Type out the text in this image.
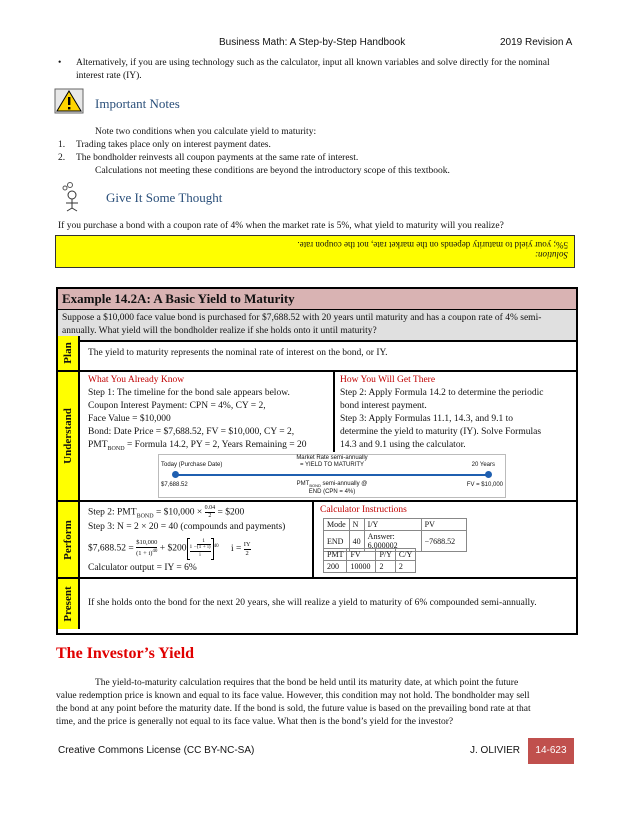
Business Math: A Step-by-Step Handbook	2019 Revision A
•	Alternatively, if you are using technology such as the calculator, input all known variables and solve directly for the nominal interest rate (IY).
Important Notes
Note two conditions when you calculate yield to maturity:
1. Trading takes place only on interest payment dates.
2. The bondholder reinvests all coupon payments at the same rate of interest.
Calculations not meeting these conditions are beyond the introductory scope of this textbook.
Give It Some Thought
If you purchase a bond with a coupon rate of 4% when the market rate is 5%, what yield to maturity will you realize?
Solution:
5%; your yield to maturity depends on the market rate, not the coupon rate.
Example 14.2A: A Basic Yield to Maturity
Suppose a $10,000 face value bond is purchased for $7,688.52 with 20 years until maturity and has a coupon rate of 4% semi-annually. What yield will the bondholder realize if she holds onto it until maturity?
Plan The yield to maturity represents the nominal rate of interest on the bond, or IY.
Understand
What You Already Know
Step 1: The timeline for the bond sale appears below.
Coupon Interest Payment: CPN = 4%, CY = 2,
Face Value = $10,000
Bond: Date Price = $7,688.52, FV = $10,000, CY = 2,
$PMT_{BOND}$ = Formula 14.2, PY = 2, Years Remaining = 20
How You Will Get There
Step 2: Apply Formula 14.2 to determine the periodic
bond interest payment.
Step 3: Apply Formulas 11.1, 14.3, and 9.1 to
determine the yield to maturity (IY). Solve Formulas
14.3 and 9.1 using the calculator.
Market Rate semi-annually
= YIELD TO MATURITY
Today (Purchase Date)	20 Years
$7,688.52	FV = $10,000
$PMT_{BOND}$ semi-annually @
END (CPN = 4%)
Perform
Step 2: $PMT_{BOND}$ = $10,000 × $\frac{0.04}{2}$ = $200
Step 3: N = 2 × 20 = 40 (compounds and payments)
$7,688.52 = $\frac{\$10,000}{(1 + i)^{40}}$ + $200 $\frac{1 - \frac{1}{(1 + i)}}{i} ^{40}$ $i = \frac{IY}{2}$
Calculator output = IY = 6%
Calculator Instructions
Mode	N	I/Y	PV
END	40	Answer: 6.000002	−7688.52
PMT	FV	P/Y	C/Y
200	10000	2	2
Present If she holds onto the bond for the next 20 years, she will realize a yield to maturity of 6% compounded semi-annually.
The Investor’s Yield
The yield-to-maturity calculation requires that the bond be held until its maturity date, at which point the future
value redemption price is known and equal to its face value. However, this condition may not hold. The bondholder may sell
the bond at any point before the maturity date. If the bond is sold, the future value is based on the prevailing bond rate at that
time, and the price is generally not equal to its face value. What then is the bond’s yield for the investor?
Creative Commons License (CC BY-NC-SA)	J. OLIVIER	14-623
